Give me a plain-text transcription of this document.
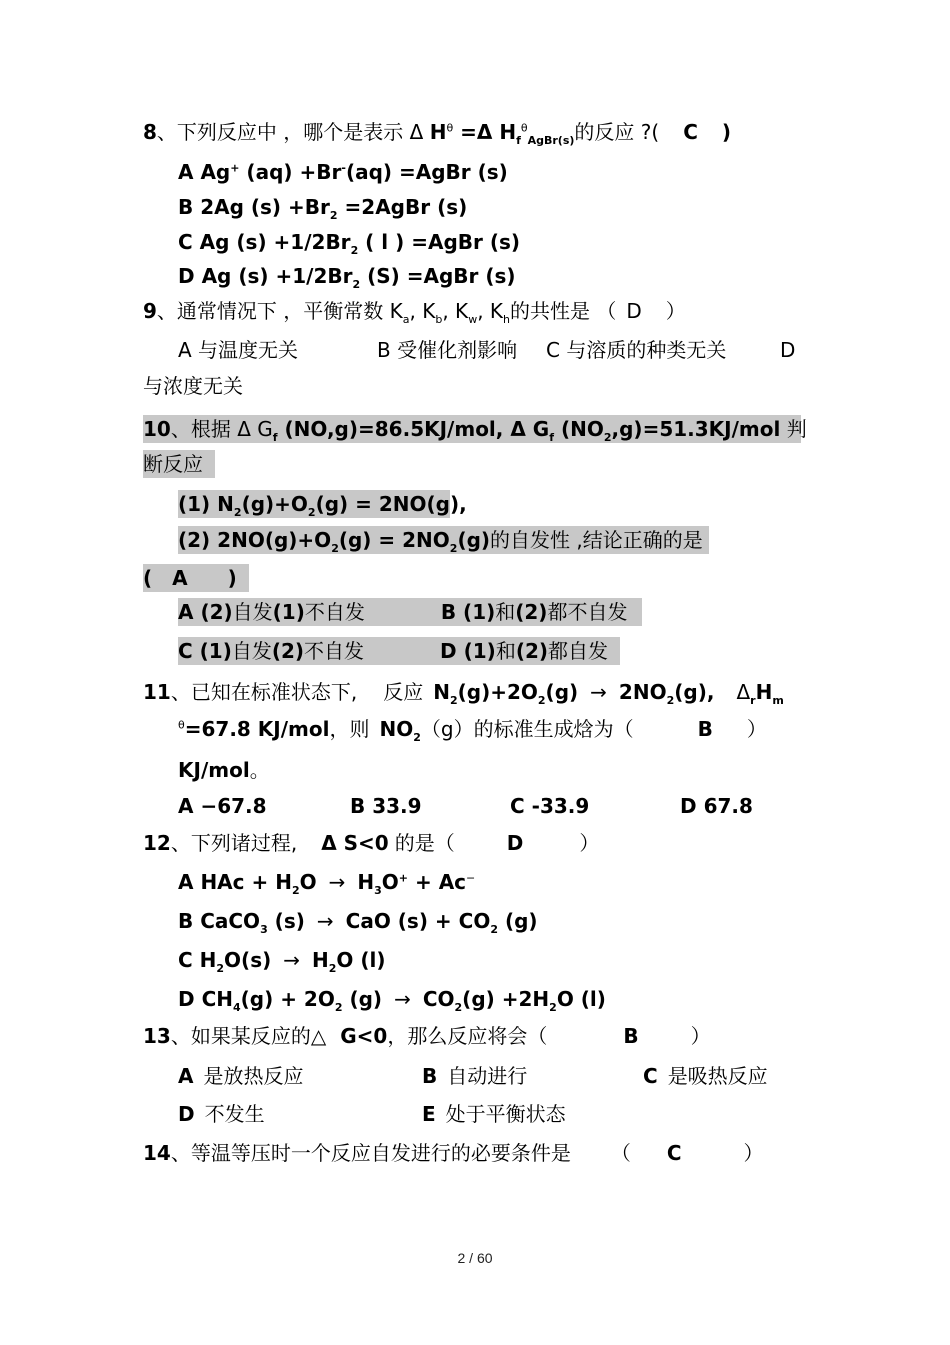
8、下列反应中 ，哪个是表示 Δ $H^\theta =\Delta$ $H_f^\theta_{AgBr(s)}$的反应 ?( C )
A Ag+ (aq) +Br-(aq) =AgBr (s)
B 2Ag $(s) +Br_2$ =2AgBr (s)
C Ag $(s) +1/2Br_2$ ( l ) =AgBr (s)
D Ag $(s) +1/2Br_2$ (S) =AgBr (s)
9、通常情况下 ，平衡常数 $K_a$, $K_b$, $K_w$, $K_h$的共性是 （ D ）
A 与温度无关	B 受催化剂影响 C 与溶质的种类无关	D
与浓度无关
10、根据 Δ $G_f$ (NO,g)=86.5KJ/mol, Δ $G_f$ $(NO_2,g)=51.3KJ$/mol 判
断反应
(1) $N_2(g)+O_2(g) = 2NO(g)$,
(2) $2NO(g)+O_2(g) = 2NO_2(g)$的自发性 ,结论正确的是
( A )
A (2)自发(1)不自发	B (1)和(2)都不自发
C (1)自发(2)不自发	D (1)和(2)都自发
11、已知在标准状态下, 反应 $N_2(g)+2O_2(g) \to 2NO_2(g)$, $\Delta_rH_m$
$^\theta$=67.8 KJ/mol，则 $NO_2(g)$的标准生成焓为（	B ）
KJ/mol。
A −67.8	B 33.9	C -33.9	D 67.8
12、下列诸过程, Δ S<0 的是（	D	）
A HAc + $H_2O \to H_3O^+ + Ac^-$
B CaCO$_3$ (s) → CaO $(s) + CO_2$ (g)
C $H_2O(s) \to H_2O$ (l)
D $CH_4(g) + 2O_2$ $(g) \to CO_2(g) +2H_2O$ (l)
13、如果某反应的△ G<0，那么反应将会（	B	）
A 是放热反应	B 自动进行	C 是吸热反应
D 不发生	E 处于平衡状态
14、等温等压时一个反应自发进行的必要条件是 （ C	）
2 / 60
